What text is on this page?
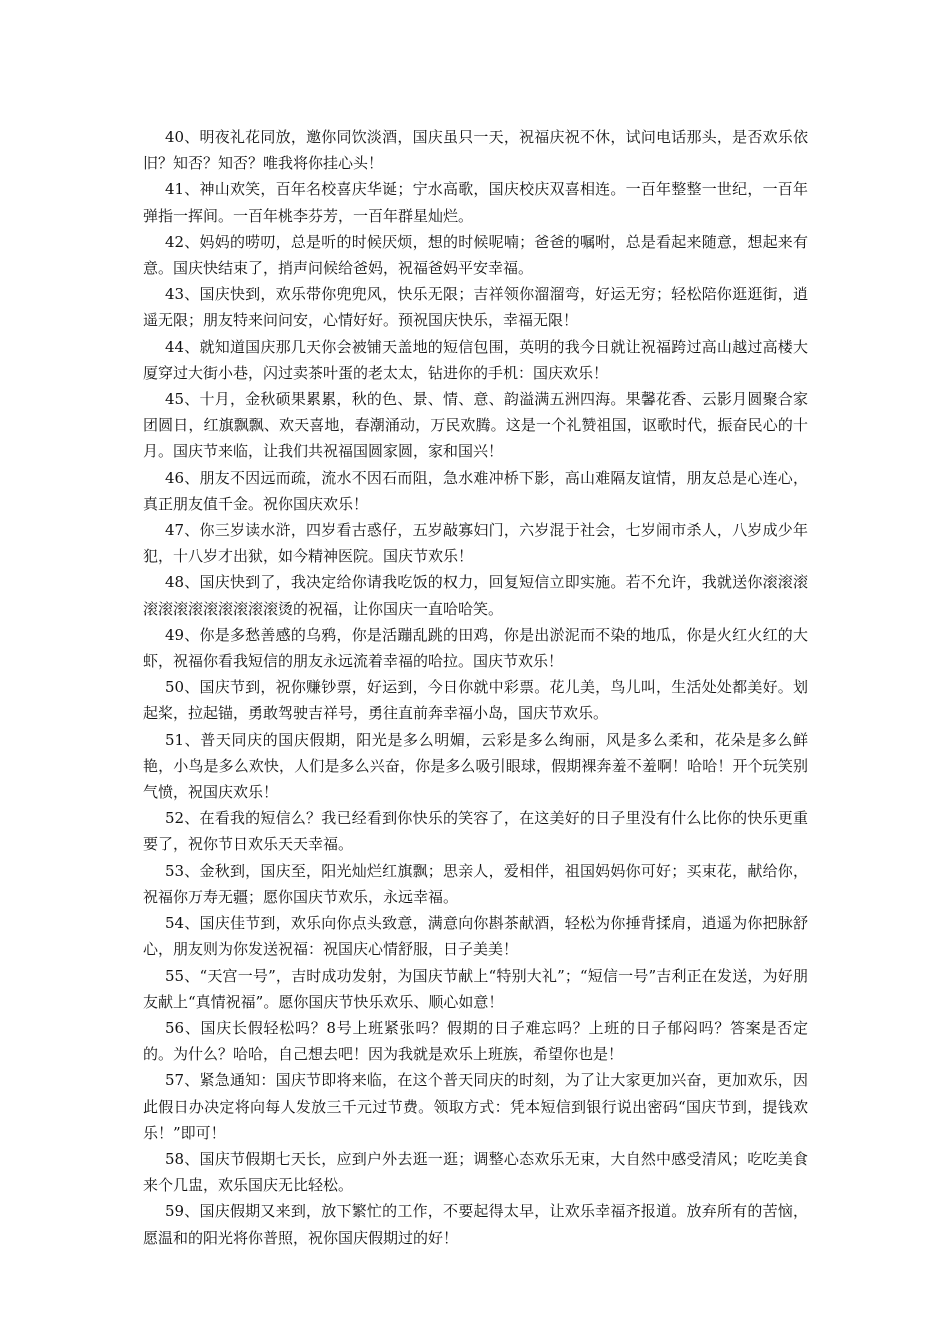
40、明夜礼花同放，邀你同饮淡酒，国庆虽只一天，祝福庆祝不休，试问电话那头，是否欢乐依旧？知否？知否？唯我将你挂心头！

41、神山欢笑，百年名校喜庆华诞；宁水高歌，国庆校庆双喜相连。一百年整整一世纪，一百年弹指一挥间。一百年桃李芬芳，一百年群星灿烂。

42、妈妈的唠叨，总是听的时候厌烦，想的时候呢喃；爸爸的嘱咐，总是看起来随意，想起来有意。国庆快结束了，捎声问候给爸妈，祝福爸妈平安幸福。

43、国庆快到，欢乐带你兜兜风，快乐无限；吉祥领你溜溜弯，好运无穷；轻松陪你逛逛街，逍遥无限；朋友特来问问安，心情好好。预祝国庆快乐，幸福无限！

44、就知道国庆那几天你会被铺天盖地的短信包围，英明的我今日就让祝福跨过高山越过高楼大厦穿过大街小巷，闪过卖茶叶蛋的老太太，钻进你的手机：国庆欢乐！

45、十月，金秋硕果累累，秋的色、景、情、意、韵溢满五洲四海。果馨花香、云影月圆聚合家团圆日，红旗飘飘、欢天喜地，春潮涌动，万民欢腾。这是一个礼赞祖国，讴歌时代，振奋民心的十月。国庆节来临，让我们共祝福国圆家圆，家和国兴！

46、朋友不因远而疏，流水不因石而阻，急水难冲桥下影，高山难隔友谊情，朋友总是心连心，真正朋友值千金。祝你国庆欢乐！

47、你三岁读水浒，四岁看古惑仔，五岁敲寡妇门，六岁混于社会，七岁闹市杀人，八岁成少年犯，十八岁才出狱，如今精神医院。国庆节欢乐！

48、国庆快到了，我决定给你请我吃饭的权力，回复短信立即实施。若不允许，我就送你滚滚滚滚滚滚滚滚滚滚滚滚烫的祝福，让你国庆一直哈哈笑。

49、你是多愁善感的乌鸦，你是活蹦乱跳的田鸡，你是出淤泥而不染的地瓜，你是火红火红的大虾，祝福你看我短信的朋友永远流着幸福的哈拉。国庆节欢乐！

50、国庆节到，祝你赚钞票，好运到，今日你就中彩票。花儿美，鸟儿叫，生活处处都美好。划起桨，拉起锚，勇敢驾驶吉祥号，勇往直前奔幸福小岛，国庆节欢乐。

51、普天同庆的国庆假期，阳光是多么明媚，云彩是多么绚丽，风是多么柔和，花朵是多么鲜艳，小鸟是多么欢快，人们是多么兴奋，你是多么吸引眼球，假期裸奔羞不羞啊！哈哈！开个玩笑别气愤，祝国庆欢乐！

52、在看我的短信么？我已经看到你快乐的笑容了，在这美好的日子里没有什么比你的快乐更重要了，祝你节日欢乐天天幸福。

53、金秋到，国庆至，阳光灿烂红旗飘；思亲人，爱相伴，祖国妈妈你可好；买束花，献给你，祝福你万寿无疆；愿你国庆节欢乐，永远幸福。

54、国庆佳节到，欢乐向你点头致意，满意向你斟茶献酒，轻松为你捶背揉肩，逍遥为你把脉舒心，朋友则为你发送祝福：祝国庆心情舒服，日子美美！

55、“天宫一号”，吉时成功发射，为国庆节献上“特别大礼”；“短信一号”吉利正在发送，为好朋友献上“真情祝福”。愿你国庆节快乐欢乐、顺心如意！

56、国庆长假轻松吗？8号上班紧张吗？假期的日子难忘吗？上班的日子郁闷吗？答案是否定的。为什么？哈哈，自己想去吧！因为我就是欢乐上班族，希望你也是！

57、紧急通知：国庆节即将来临，在这个普天同庆的时刻，为了让大家更加兴奋，更加欢乐，因此假日办决定将向每人发放三千元过节费。领取方式：凭本短信到银行说出密码“国庆节到，提钱欢乐！”即可！

58、国庆节假期七天长，应到户外去逛一逛；调整心态欢乐无束，大自然中感受清风；吃吃美食来个几盅，欢乐国庆无比轻松。

59、国庆假期又来到，放下繁忙的工作，不要起得太早，让欢乐幸福齐报道。放弃所有的苦恼，愿温和的阳光将你普照，祝你国庆假期过的好！
